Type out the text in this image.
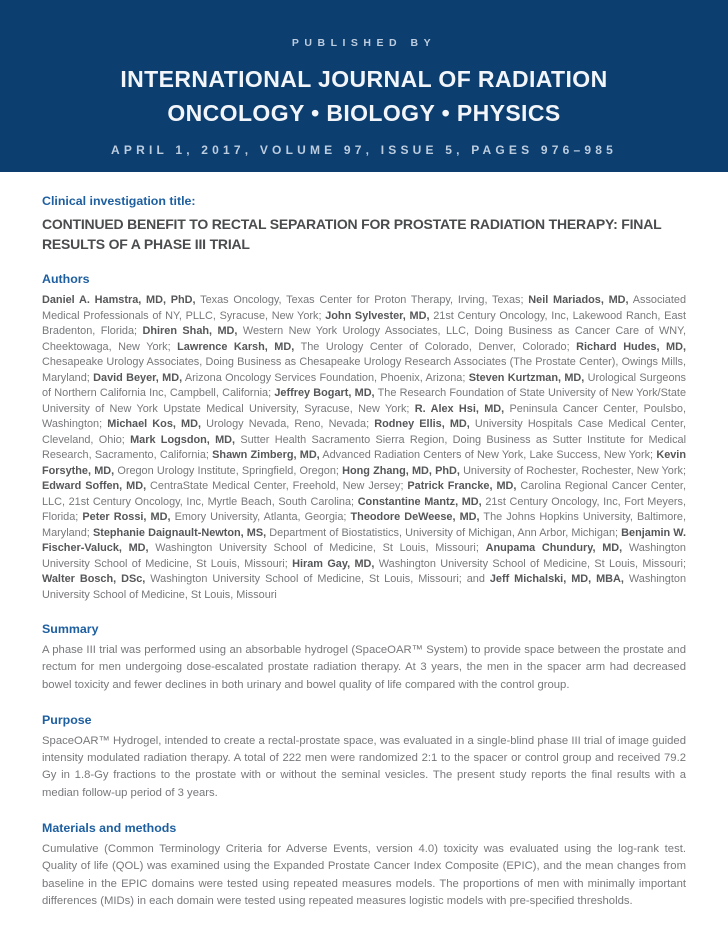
PUBLISHED BY
INTERNATIONAL JOURNAL OF RADIATION
ONCOLOGY • BIOLOGY • PHYSICS
APRIL 1, 2017, VOLUME 97, ISSUE 5, PAGES 976–985
Clinical investigation title:
CONTINUED BENEFIT TO RECTAL SEPARATION FOR PROSTATE RADIATION THERAPY: FINAL RESULTS OF A PHASE III TRIAL
Authors

Daniel A. Hamstra, MD, PhD, Texas Oncology, Texas Center for Proton Therapy, Irving, Texas; Neil Mariados, MD, Associated Medical Professionals of NY, PLLC, Syracuse, New York; John Sylvester, MD, 21st Century Oncology, Inc, Lakewood Ranch, East Bradenton, Florida; Dhiren Shah, MD, Western New York Urology Associates, LLC, Doing Business as Cancer Care of WNY, Cheektowaga, New York; Lawrence Karsh, MD, The Urology Center of Colorado, Denver, Colorado; Richard Hudes, MD, Chesapeake Urology Associates, Doing Business as Chesapeake Urology Research Associates (The Prostate Center), Owings Mills, Maryland; David Beyer, MD, Arizona Oncology Services Foundation, Phoenix, Arizona; Steven Kurtzman, MD, Urological Surgeons of Northern California Inc, Campbell, California; Jeffrey Bogart, MD, The Research Foundation of State University of New York/State University of New York Upstate Medical University, Syracuse, New York; R. Alex Hsi, MD, Peninsula Cancer Center, Poulsbo, Washington; Michael Kos, MD, Urology Nevada, Reno, Nevada; Rodney Ellis, MD, University Hospitals Case Medical Center, Cleveland, Ohio; Mark Logsdon, MD, Sutter Health Sacramento Sierra Region, Doing Business as Sutter Institute for Medical Research, Sacramento, California; Shawn Zimberg, MD, Advanced Radiation Centers of New York, Lake Success, New York; Kevin Forsythe, MD, Oregon Urology Institute, Springfield, Oregon; Hong Zhang, MD, PhD, University of Rochester, Rochester, New York; Edward Soffen, MD, CentraState Medical Center, Freehold, New Jersey; Patrick Francke, MD, Carolina Regional Cancer Center, LLC, 21st Century Oncology, Inc, Myrtle Beach, South Carolina; Constantine Mantz, MD, 21st Century Oncology, Inc, Fort Meyers, Florida; Peter Rossi, MD, Emory University, Atlanta, Georgia; Theodore DeWeese, MD, The Johns Hopkins University, Baltimore, Maryland; Stephanie Daignault-Newton, MS, Department of Biostatistics, University of Michigan, Ann Arbor, Michigan; Benjamin W. Fischer-Valuck, MD, Washington University School of Medicine, St Louis, Missouri; Anupama Chundury, MD, Washington University School of Medicine, St Louis, Missouri; Hiram Gay, MD, Washington University School of Medicine, St Louis, Missouri; Walter Bosch, DSc, Washington University School of Medicine, St Louis, Missouri; and Jeff Michalski, MD, MBA, Washington University School of Medicine, St Louis, Missouri

Summary

A phase III trial was performed using an absorbable hydrogel (SpaceOAR™ System) to provide space between the prostate and rectum for men undergoing dose-escalated prostate radiation therapy. At 3 years, the men in the spacer arm had decreased bowel toxicity and fewer declines in both urinary and bowel quality of life compared with the control group.

Purpose

SpaceOAR™ Hydrogel, intended to create a rectal-prostate space, was evaluated in a single-blind phase III trial of image guided intensity modulated radiation therapy. A total of 222 men were randomized 2:1 to the spacer or control group and received 79.2 Gy in 1.8-Gy fractions to the prostate with or without the seminal vesicles. The present study reports the final results with a median follow-up period of 3 years.

Materials and methods

Cumulative (Common Terminology Criteria for Adverse Events, version 4.0) toxicity was evaluated using the log-rank test. Quality of life (QOL) was examined using the Expanded Prostate Cancer Index Composite (EPIC), and the mean changes from baseline in the EPIC domains were tested using repeated measures models. The proportions of men with minimally important differences (MIDs) in each domain were tested using repeated measures logistic models with pre-specified thresholds.
